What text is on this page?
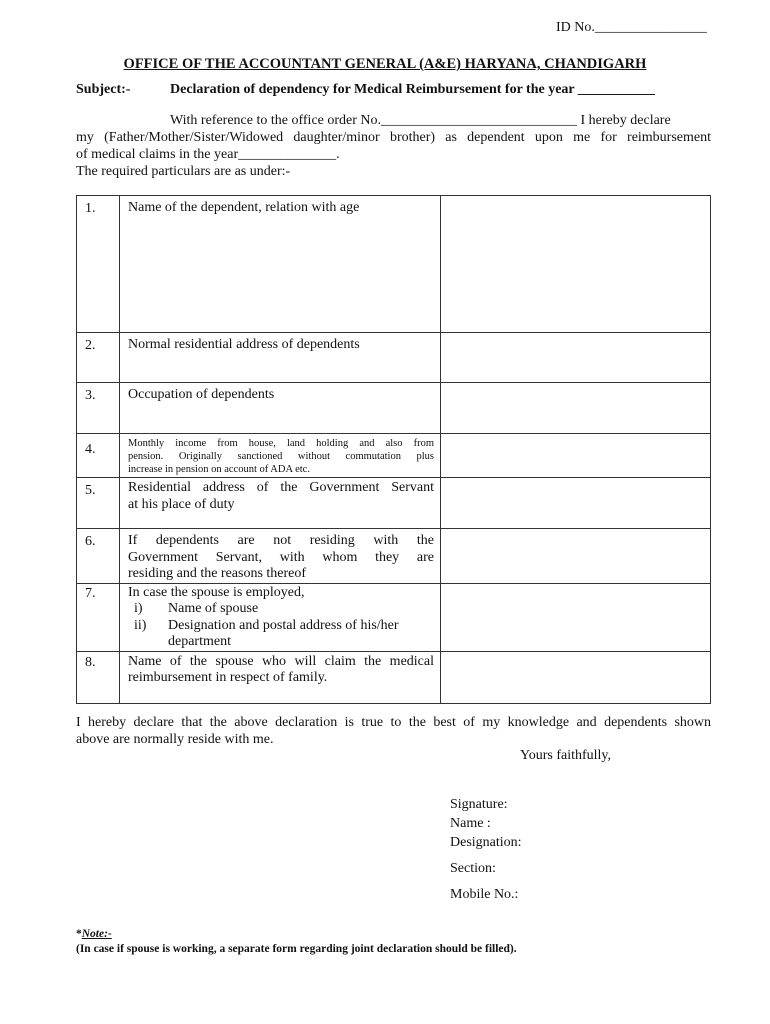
ID No.________________
OFFICE OF THE ACCOUNTANT GENERAL (A&E) HARYANA, CHANDIGARH
Subject:-	Declaration of dependency for Medical Reimbursement for the year ___________
With reference to the office order No.____________________________ I hereby declare
my (Father/Mother/Sister/Widowed daughter/minor brother) as dependent upon me for reimbursement
of medical claims in the year______________.
The required particulars are as under:-
1.	Name of the dependent, relation with age	
2.	Normal residential address of dependents	
3.	Occupation of dependents	
4.	Monthly income from house, land holding and also from
pension. Originally sanctioned without commutation plus
increase in pension on account of ADA etc.	

5.	Residential address of the Government Servant
at his place of duty	
6.	If dependents are not residing with the
Government Servant, with whom they are
residing and the reasons thereof	
7.	In case the spouse is employed,
i) Name of spouse
ii) Designation and postal address of his/her
department	

8.	Name of the spouse who will claim the medical
reimbursement in respect of family.	
I hereby declare that the above declaration is true to the best of my knowledge and dependents shown
above are normally reside with me.
Yours faithfully,
Signature:
Name :
Designation:
Section:
Mobile No.:
*Note:-
(In case if spouse is working, a separate form regarding joint declaration should be filled).
